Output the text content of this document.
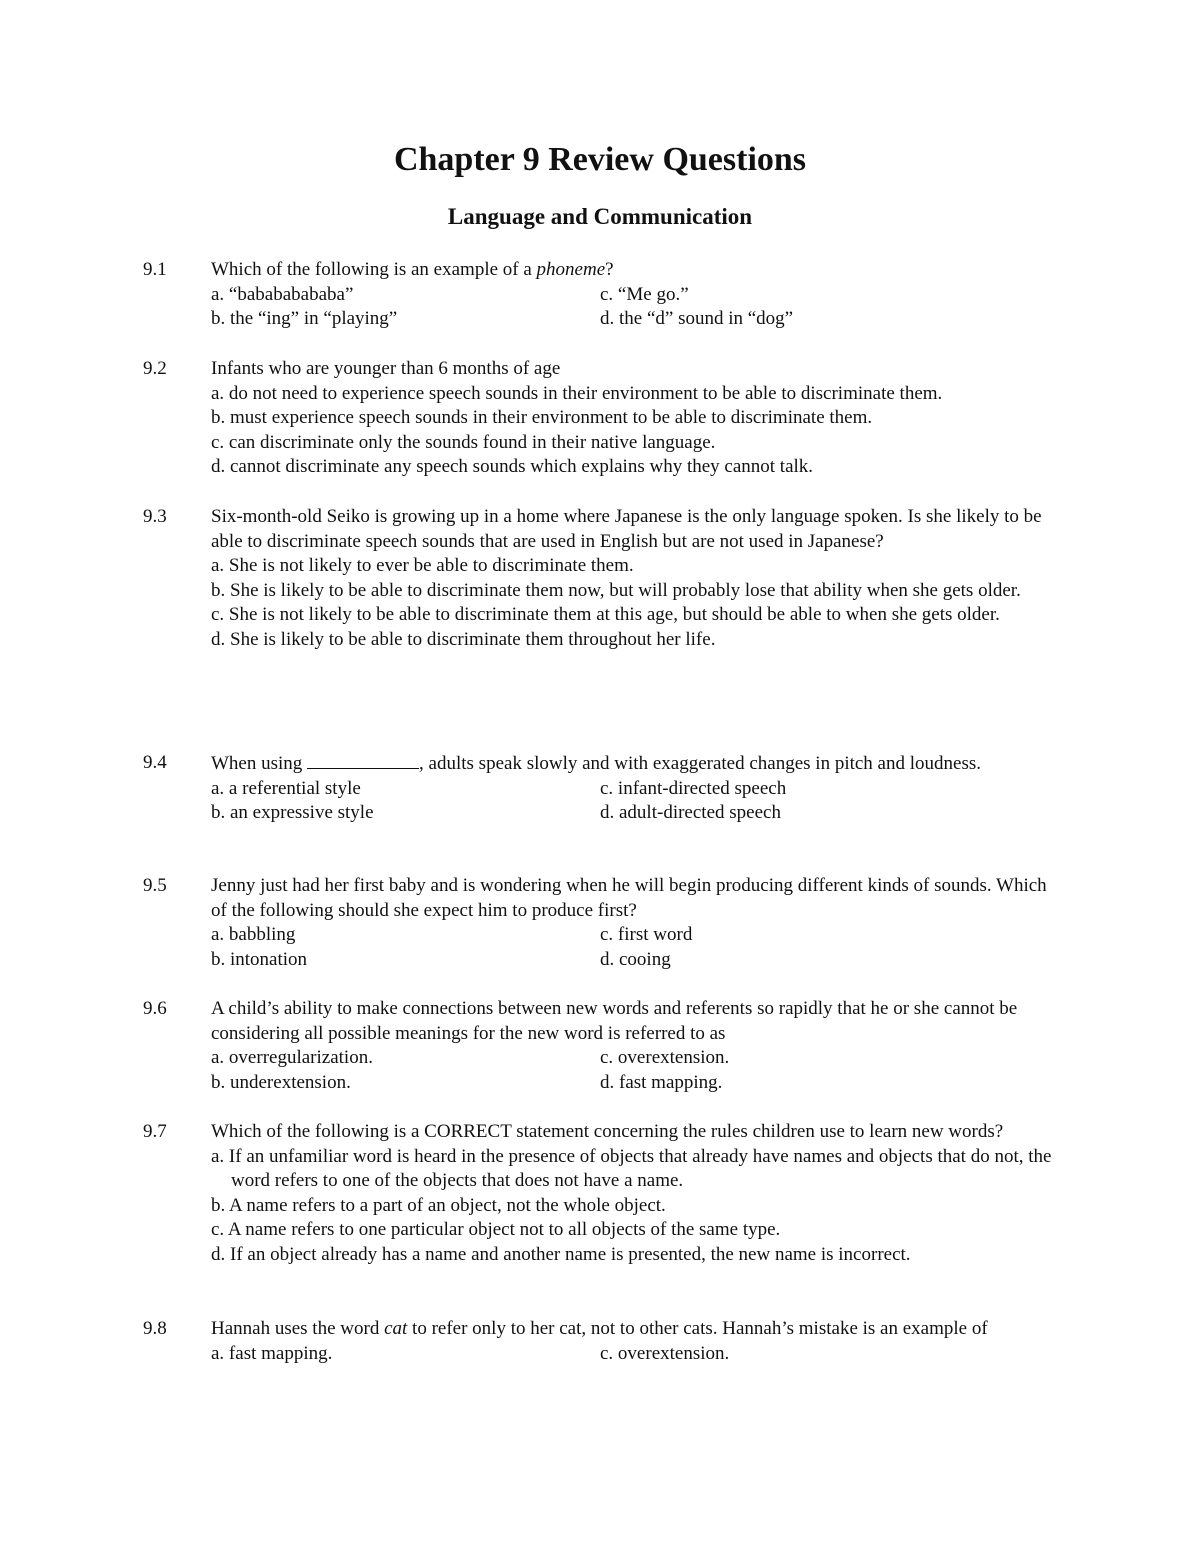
Chapter 9 Review Questions
Language and Communication
9.1 Which of the following is an example of a phoneme?
a. “babababababa”	c. “Me go.”
b. the “ing” in “playing”	d. the “d” sound in “dog”
9.2 Infants who are younger than 6 months of age
a. do not need to experience speech sounds in their environment to be able to discriminate them.
b. must experience speech sounds in their environment to be able to discriminate them.
c. can discriminate only the sounds found in their native language.
d. cannot discriminate any speech sounds which explains why they cannot talk.
9.3 Six-month-old Seiko is growing up in a home where Japanese is the only language spoken. Is she likely to be able to discriminate speech sounds that are used in English but are not used in Japanese?
a. She is not likely to ever be able to discriminate them.
b. She is likely to be able to discriminate them now, but will probably lose that ability when she gets older.
c. She is not likely to be able to discriminate them at this age, but should be able to when she gets older.
d. She is likely to be able to discriminate them throughout her life.
9.4 When using	, adults speak slowly and with exaggerated changes in pitch and loudness.
a. a referential style	c. infant-directed speech
b. an expressive style	d. adult-directed speech
9.5 Jenny just had her first baby and is wondering when he will begin producing different kinds of sounds. Which of the following should she expect him to produce first?
a. babbling	c. first word
b. intonation	d. cooing
9.6 A child’s ability to make connections between new words and referents so rapidly that he or she cannot be considering all possible meanings for the new word is referred to as
a. overregularization.	c. overextension.
b. underextension.	d. fast mapping.
9.7 Which of the following is a CORRECT statement concerning the rules children use to learn new words?
a. If an unfamiliar word is heard in the presence of objects that already have names and objects that do not, the word refers to one of the objects that does not have a name.
b. A name refers to a part of an object, not the whole object.
c. A name refers to one particular object not to all objects of the same type.
d. If an object already has a name and another name is presented, the new name is incorrect.
9.8 Hannah uses the word cat to refer only to her cat, not to other cats. Hannah’s mistake is an example of
a. fast mapping.	c. overextension.
